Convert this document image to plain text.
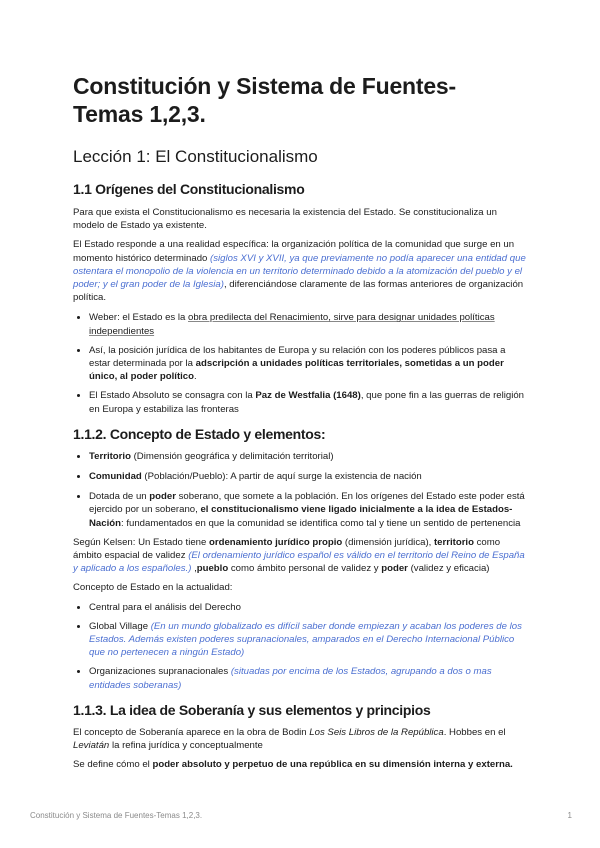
Constitución y Sistema de Fuentes- Temas 1,2,3.
Lección 1: El Constitucionalismo
1.1 Orígenes del Constitucionalismo

Para que exista el Constitucionalismo es necesaria la existencia del Estado. Se constitucionaliza un modelo de Estado ya existente.

El Estado responde a una realidad específica: la organización política de la comunidad que surge en un momento histórico determinado (siglos XVI y XVII, ya que previamente no podía aparecer una entidad que ostentara el monopolio de la violencia en un territorio determinado debido a la atomización del pueblo y el poder; y el gran poder de la Iglesia), diferenciándose claramente de las formas anteriores de organización política.

• Weber: el Estado es la obra predilecta del Renacimiento, sirve para designar unidades políticas independientes
• Así, la posición jurídica de los habitantes de Europa y su relación con los poderes públicos pasa a estar determinada por la adscripción a unidades políticas territoriales, sometidas a un poder único, al poder político.
• El Estado Absoluto se consagra con la Paz de Westfalia (1648), que pone fin a las guerras de religión en Europa y estabiliza las fronteras
1.1.2. Concepto de Estado y elementos:
• Territorio (Dimensión geográfica y delimitación territorial)
• Comunidad (Población/Pueblo): A partir de aquí surge la existencia de nación
• Dotada de un poder soberano, que somete a la población. En los orígenes del Estado este poder está ejercido por un soberano, el constitucionalismo viene ligado inicialmente a la idea de Estados-Nación: fundamentados en que la comunidad se identifica como tal y tiene un sentido de pertenencia

Según Kelsen: Un Estado tiene ordenamiento jurídico propio (dimensión jurídica), territorio como ámbito espacial de validez (El ordenamiento jurídico español es válido en el territorio del Reino de España y aplicado a los españoles.) ,pueblo como ámbito personal de validez y poder (validez y eficacia)

Concepto de Estado en la actualidad:

• Central para el análisis del Derecho
• Global Village (En un mundo globalizado es difícil saber donde empiezan y acaban los poderes de los Estados. Además existen poderes supranacionales, amparados en el Derecho Internacional Público que no pertenecen a ningún Estado)
• Organizaciones supranacionales (situadas por encima de los Estados, agrupando a dos o mas entidades soberanas)
1.1.3. La idea de Soberanía y sus elementos y principios

El concepto de Soberanía aparece en la obra de Bodin Los Seis Libros de la República. Hobbes en el Leviatán la refina jurídica y conceptualmente

Se define cómo el poder absoluto y perpetuo de una república en su dimensión interna y externa.

Constitución y Sistema de Fuentes-Temas 1,2,3.	1
